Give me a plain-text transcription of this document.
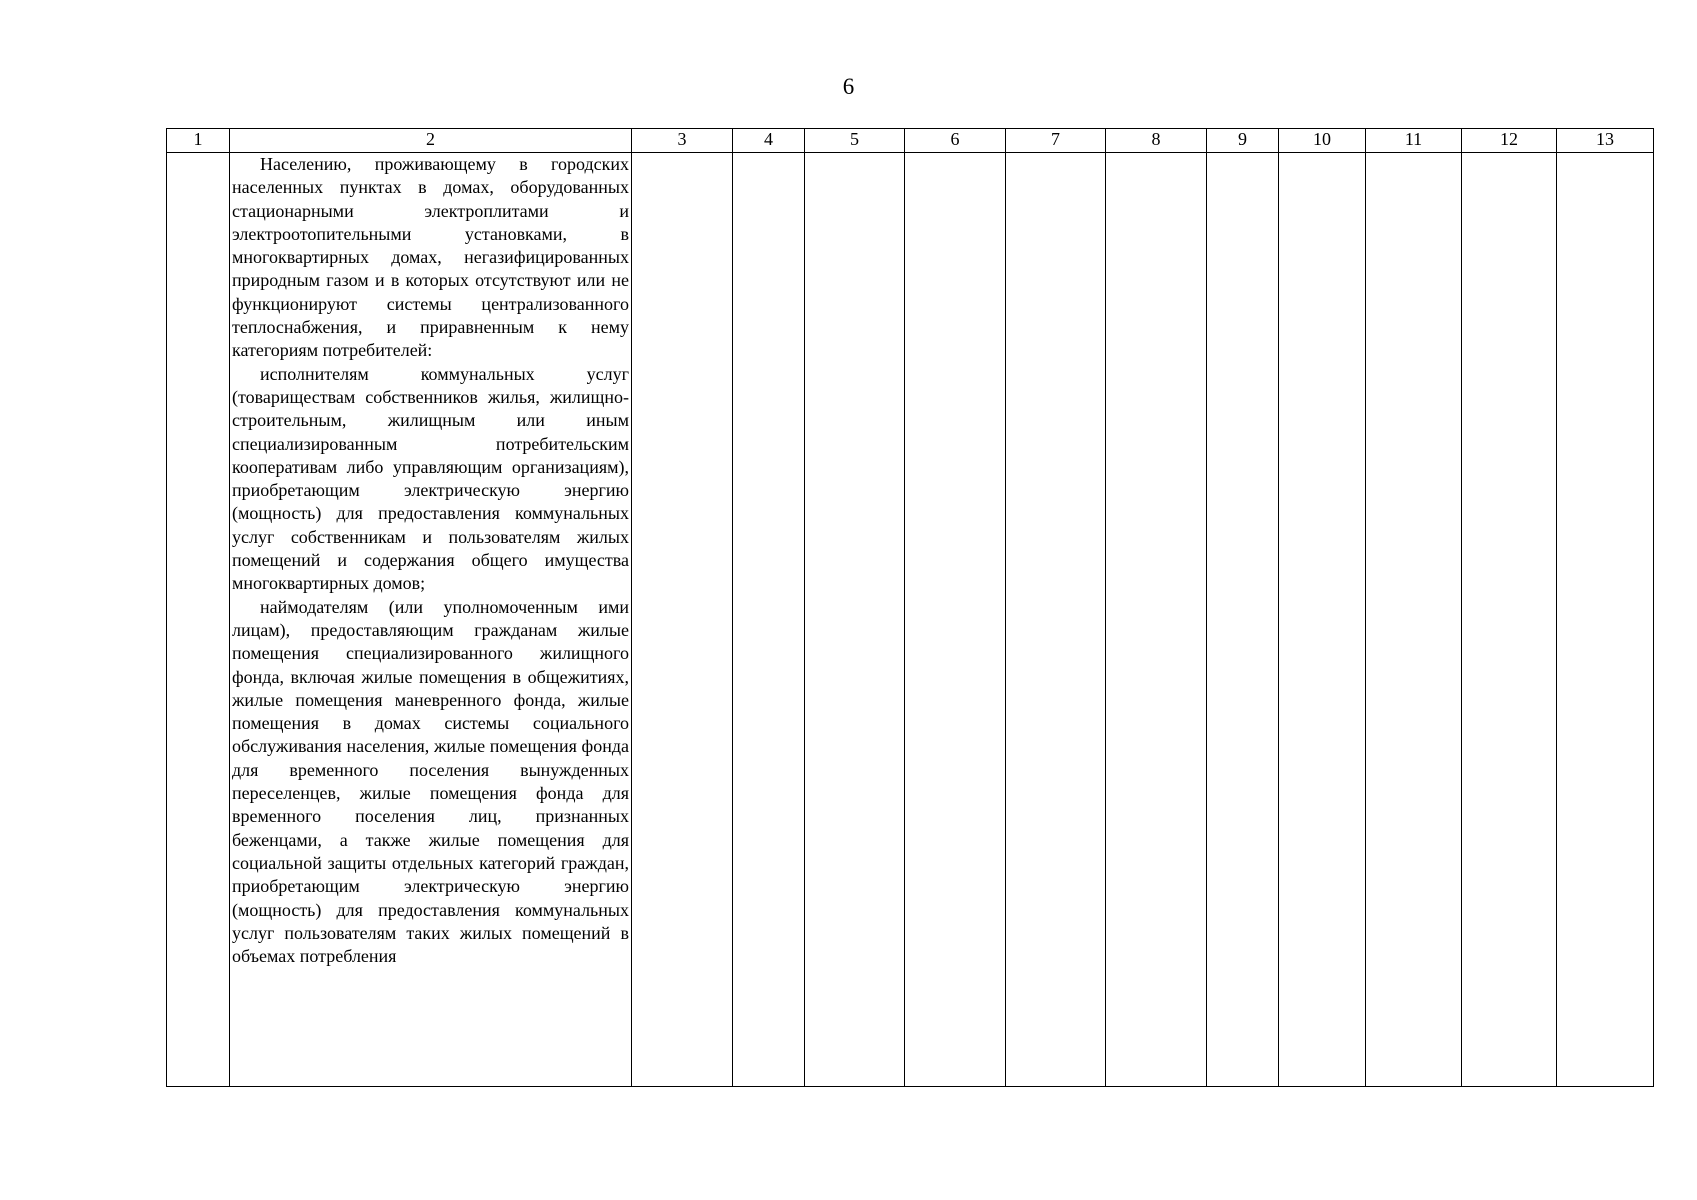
6
1	2	3	4	5	6	7	8	9	10	11	12	13

	Населению, проживающему в городских населенных пунктах в домах, оборудованных стационарными электроплитами и электроотопительными установками, в многоквартирных домах, негазифицированных природным газом и в которых отсутствуют или не функционируют системы централизованного теплоснабжения, и приравненным к нему категориям потребителей:

исполнителям коммунальных услуг (товариществам собственников жилья, жилищно-строительным, жилищным или иным специализированным потребительским кооперативам либо управляющим организациям), приобретающим электрическую энергию (мощность) для предоставления коммунальных услуг собственникам и пользователям жилых помещений и содержания общего имущества многоквартирных домов;

наймодателям (или уполномоченным ими лицам), предоставляющим гражданам жилые помещения специализированного жилищного фонда, включая жилые помещения в общежитиях, жилые помещения маневренного фонда, жилые помещения в домах системы социального обслуживания населения, жилые помещения фонда для временного поселения вынужденных переселенцев, жилые помещения фонда для временного поселения лиц, признанных беженцами, а также жилые помещения для социальной защиты отдельных категорий граждан, приобретающим электрическую энергию (мощность) для предоставления коммунальных услуг пользователям таких жилых помещений в объемах потребления											
